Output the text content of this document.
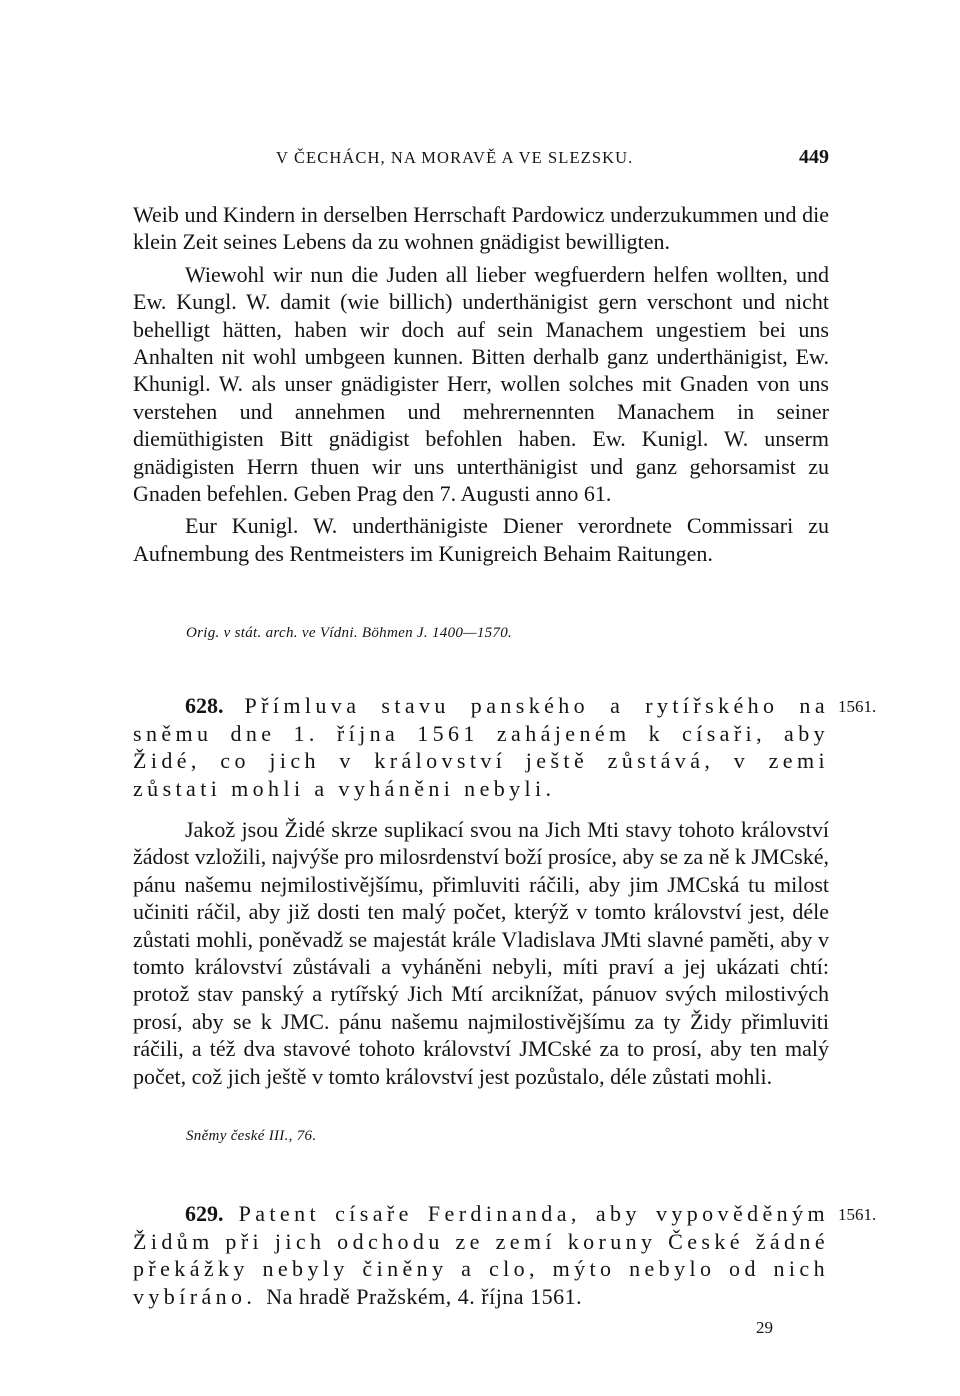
V ČECHÁCH, NA MORAVĚ A VE SLEZSKU.	449

Weib und Kindern in derselben Herrschaft Pardowicz underzukummen und die klein Zeit seines Lebens da zu wohnen gnädigist bewilligten.

Wiewohl wir nun die Juden all lieber wegfuerdern helfen wollten, und Ew. Kungl. W. damit (wie billich) underthänigist gern verschont und nicht behelligt hätten, haben wir doch auf sein Manachem ungestiem bei uns Anhalten nit wohl umbgeen kunnen. Bitten derhalb ganz underthänigist, Ew. Khunigl. W. als unser gnädigister Herr, wollen solches mit Gnaden von uns verstehen und annehmen und mehrernennten Manachem in seiner diemüthigisten Bitt gnädigist befohlen haben. Ew. Kunigl. W. unserm gnädigisten Herrn thuen wir uns unterthänigist und ganz gehorsamist zu Gnaden befehlen. Geben Prag den 7. Augusti anno 61.

Eur Kunigl. W. underthänigiste Diener verordnete Commissari zu Aufnembung des Rentmeisters im Kunigreich Behaim Raitungen.

Orig. v stát. arch. ve Vídni. Böhmen J. 1400—1570.

628. Přímluva stavu panského a rytířského na sněmu dne 1. října 1561 zahájeném k císaři, aby Židé, co jich v království ještě zůstává, v zemi zůstati mohli a vyháněni nebyli.

1561.

Jakož jsou Židé skrze suplikací svou na Jich Mti stavy tohoto království žádost vzložili, najvýše pro milosrdenství boží prosíce, aby se za ně k JMCské, pánu našemu nejmilostivějšímu, přimluviti ráčili, aby jim JMCská tu milost učiniti ráčil, aby již dosti ten malý počet, kterýž v tomto království jest, déle zůstati mohli, poněvadž se majestát krále Vladislava JMti slavné paměti, aby v tomto království zůstávali a vyháněni nebyli, míti praví a jej ukázati chtí: protož stav panský a rytířský Jich Mtí arciknížat, pánuov svých milostivých prosí, aby se k JMC. pánu našemu najmilostivějšímu za ty Židy přimluviti ráčili, a též dva stavové tohoto království JMCské za to prosí, aby ten malý počet, což jich ještě v tomto království jest pozůstalo, déle zůstati mohli.

Sněmy české III., 76.

629. Patent císaře Ferdinanda, aby vypověděným Židům při jich odchodu ze zemí koruny České žádné překážky nebyly činěny a clo, mýto nebylo od nich vybíráno. Na hradě Pražském, 4. října 1561.

1561.
29
